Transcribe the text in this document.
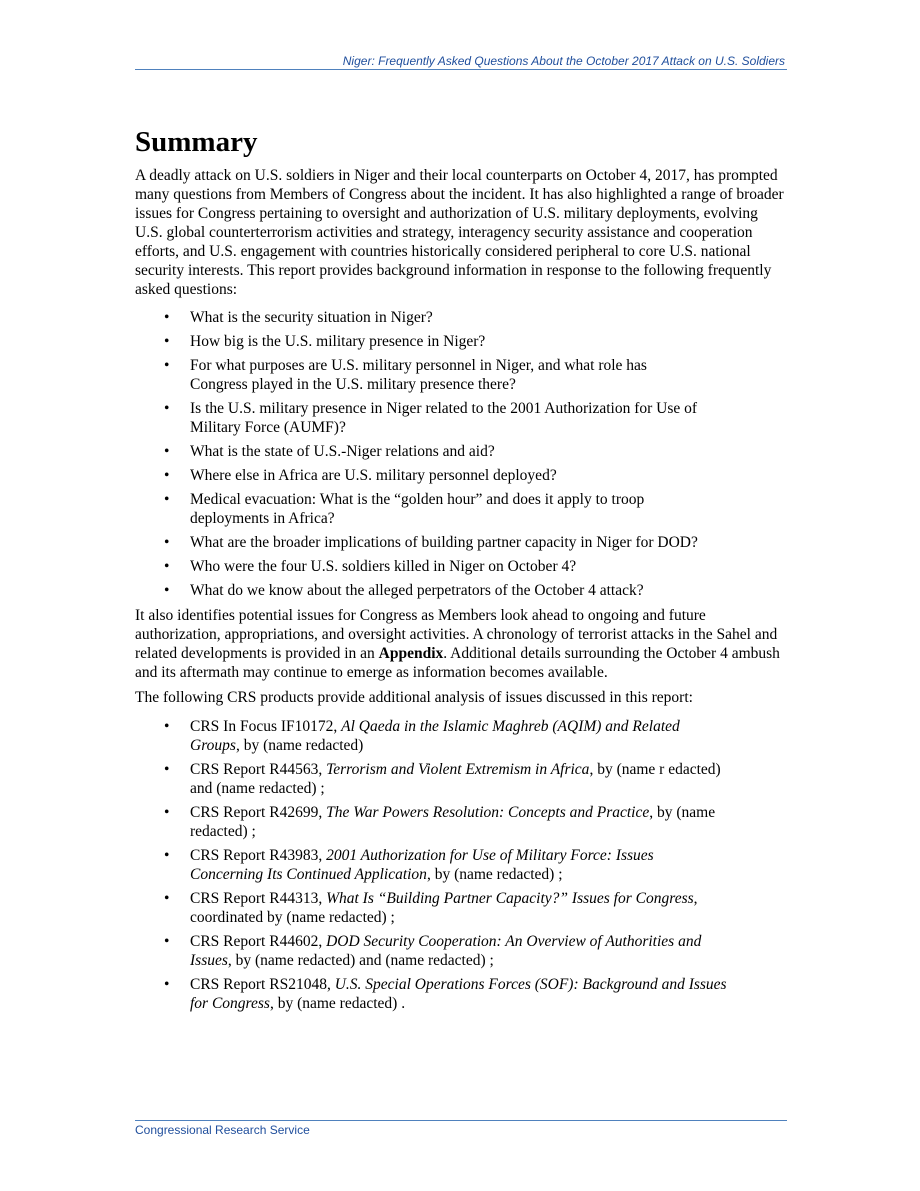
Niger: Frequently Asked Questions About the October 2017 Attack on U.S. Soldiers
Summary

A deadly attack on U.S. soldiers in Niger and their local counterparts on October 4, 2017, has prompted many questions from Members of Congress about the incident. It has also highlighted a range of broader issues for Congress pertaining to oversight and authorization of U.S. military deployments, evolving U.S. global counterterrorism activities and strategy, interagency security assistance and cooperation efforts, and U.S. engagement with countries historically considered peripheral to core U.S. national security interests. This report provides background information in response to the following frequently asked questions:

• What is the security situation in Niger?
• How big is the U.S. military presence in Niger?
• For what purposes are U.S. military personnel in Niger, and what role has Congress played in the U.S. military presence there?
• Is the U.S. military presence in Niger related to the 2001 Authorization for Use of Military Force (AUMF)?
• What is the state of U.S.-Niger relations and aid?
• Where else in Africa are U.S. military personnel deployed?
• Medical evacuation: What is the “golden hour” and does it apply to troop deployments in Africa?
• What are the broader implications of building partner capacity in Niger for DOD?
• Who were the four U.S. soldiers killed in Niger on October 4?
• What do we know about the alleged perpetrators of the October 4 attack?

It also identifies potential issues for Congress as Members look ahead to ongoing and future authorization, appropriations, and oversight activities. A chronology of terrorist attacks in the Sahel and related developments is provided in an Appendix. Additional details surrounding the October 4 ambush and its aftermath may continue to emerge as information becomes available.

The following CRS products provide additional analysis of issues discussed in this report:

• CRS In Focus IF10172, Al Qaeda in the Islamic Maghreb (AQIM) and Related Groups, by (name redacted)
• CRS Report R44563, Terrorism and Violent Extremism in Africa, by (name r edacted) and (name redacted) ;
• CRS Report R42699, The War Powers Resolution: Concepts and Practice, by (name redacted) ;
• CRS Report R43983, 2001 Authorization for Use of Military Force: Issues Concerning Its Continued Application, by (name redacted) ;
• CRS Report R44313, What Is “Building Partner Capacity?” Issues for Congress, coordinated by (name redacted) ;
• CRS Report R44602, DOD Security Cooperation: An Overview of Authorities and Issues, by (name redacted) and (name redacted) ;
• CRS Report RS21048, U.S. Special Operations Forces (SOF): Background and Issues for Congress, by (name redacted) .
Congressional Research Service
